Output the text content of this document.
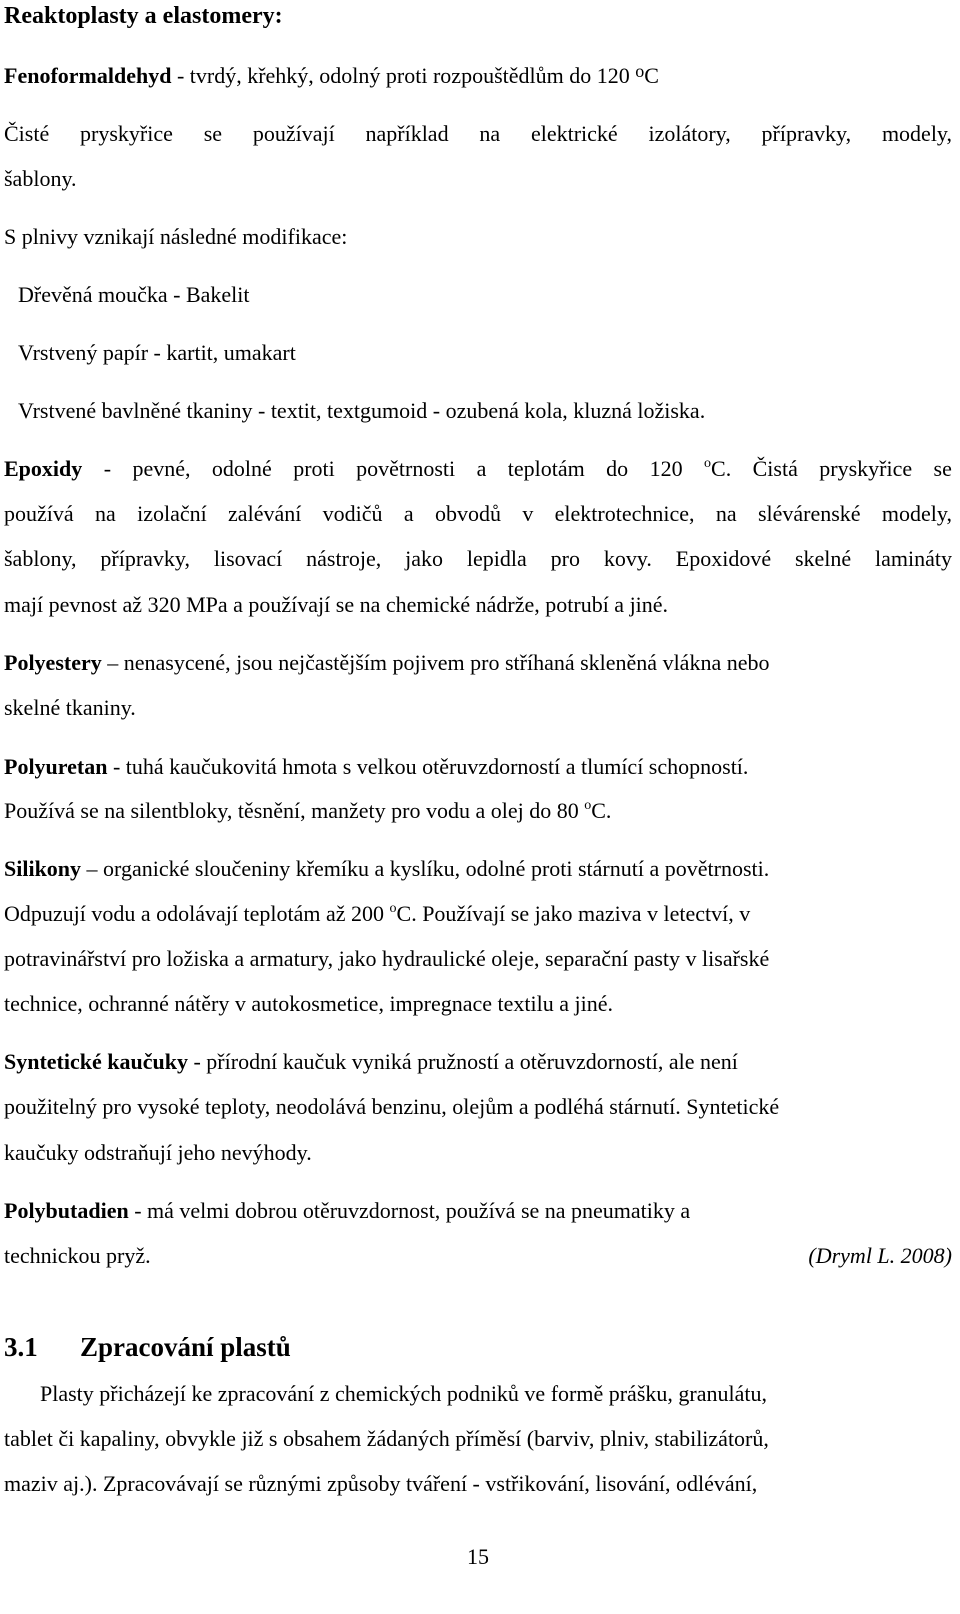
Reaktoplasty a elastomery:
Fenoformaldehyd - tvrdý, křehký, odolný proti rozpouštědlům do 120 $^o$C
Čisté pryskyřice se používají například na elektrické izolátory, přípravky, modely,
šablony.
S plnivy vznikají následné modifikace:
Dřevěná moučka - Bakelit
Vrstvený papír - kartit, umakart
Vrstvené bavlněné tkaniny - textit, textgumoid - ozubená kola, kluzná ložiska.
Epoxidy - pevné, odolné proti povětrnosti a teplotám do 120 $^o$C. Čistá pryskyřice se
používá na izolační zalévání vodičů a obvodů v elektrotechnice, na slévárenské modely,
šablony, přípravky, lisovací nástroje, jako lepidla pro kovy. Epoxidové skelné lamináty
mají pevnost až 320 MPa a používají se na chemické nádrže, potrubí a jiné.
Polyestery – nenasycené, jsou nejčastějším pojivem pro stříhaná skleněná vlákna nebo
skelné tkaniny.
Polyuretan - tuhá kaučukovitá hmota s velkou otěruvzdorností a tlumící schopností.
Používá se na silentbloky, těsnění, manžety pro vodu a olej do 80 $^o$C.
Silikony – organické sloučeniny křemíku a kyslíku, odolné proti stárnutí a povětrnosti.
Odpuzují vodu a odolávají teplotám až 200 $^o$C. Používají se jako maziva v letectví, v
potravinářství pro ložiska a armatury, jako hydraulické oleje, separační pasty v lisařské
technice, ochranné nátěry v autokosmetice, impregnace textilu a jiné.
Syntetické kaučuky - přírodní kaučuk vyniká pružností a otěruvzdorností, ale není
použitelný pro vysoké teploty, neodolává benzinu, olejům a podléhá stárnutí. Syntetické
kaučuky odstraňují jeho nevýhody.
Polybutadien - má velmi dobrou otěruvzdornost, používá se na pneumatiky a
technickou pryž.	(Dryml L. 2008)
3.1 Zpracování plastů
Plasty přicházejí ke zpracování z chemických podniků ve formě prášku, granulátu,
tablet či kapaliny, obvykle již s obsahem žádaných příměsí (barviv, plniv, stabilizátorů,
maziv aj.). Zpracovávají se různými způsoby tváření - vstřikování, lisování, odlévání,
15
